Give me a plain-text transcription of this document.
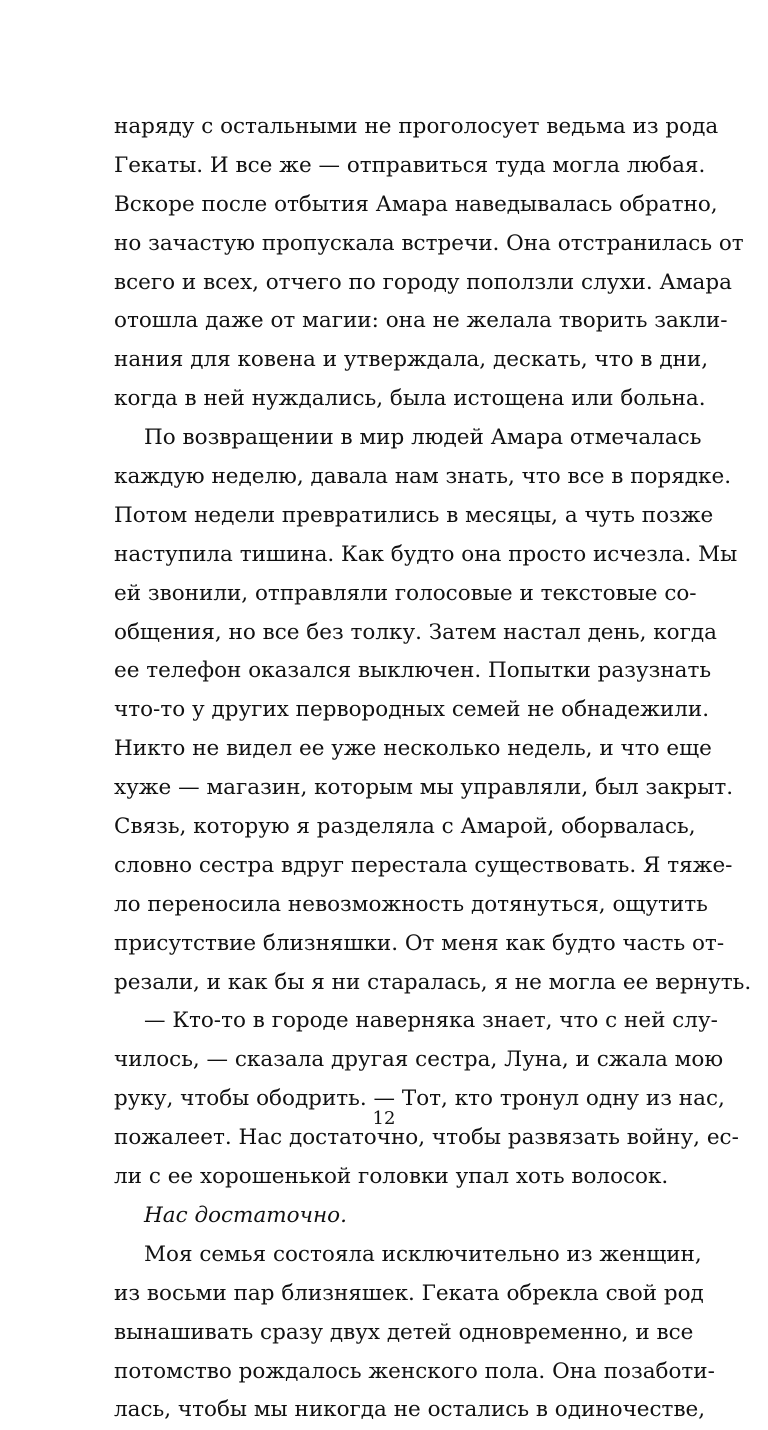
наряду с остальными не проголосует ведьма из рода
Гекаты. И все же — отправиться туда могла любая.
Вскоре после отбытия Амара наведывалась обратно,
но зачастую пропускала встречи. Она отстранилась от
всего и всех, отчего по городу поползли слухи. Амара
отошла даже от магии: она не желала творить закли-
нания для ковена и утверждала, дескать, что в дни,
когда в ней нуждались, была истощена или больна.
По возвращении в мир людей Амара отмечалась
каждую неделю, давала нам знать, что все в порядке.
Потом недели превратились в месяцы, а чуть позже
наступила тишина. Как будто она просто исчезла. Мы
ей звонили, отправляли голосовые и текстовые со-
общения, но все без толку. Затем настал день, когда
ее телефон оказался выключен. Попытки разузнать
что-то у других первородных семей не обнадежили.
Никто не видел ее уже несколько недель, и что еще
хуже — магазин, которым мы управляли, был закрыт.
Связь, которую я разделяла с Амарой, оборвалась,
словно сестра вдруг перестала существовать. Я тяже-
ло переносила невозможность дотянуться, ощутить
присутствие близняшки. От меня как будто часть от-
резали, и как бы я ни старалась, я не могла ее вернуть.
— Кто-то в городе наверняка знает, что с ней слу-
чилось, — сказала другая сестра, Луна, и сжала мою
руку, чтобы ободрить. — Тот, кто тронул одну из нас,
пожалеет. Нас достаточно, чтобы развязать войну, ес-
ли с ее хорошенькой головки упал хоть волосок.
Нас достаточно.
Моя семья состояла исключительно из женщин,
из восьми пар близняшек. Геката обрекла свой род
вынашивать сразу двух детей одновременно, и все
потомство рождалось женского пола. Она позаботи-
лась, чтобы мы никогда не остались в одиночестве,
12
